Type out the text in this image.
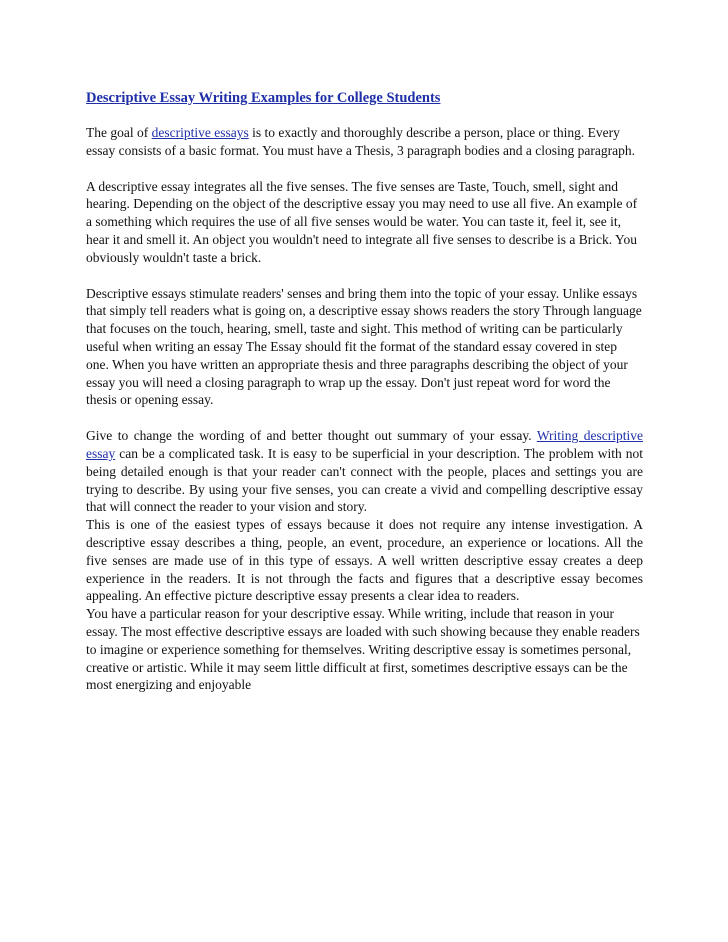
Descriptive Essay Writing Examples for College Students

The goal of descriptive essays is to exactly and thoroughly describe a person, place or thing. Every essay consists of a basic format. You must have a Thesis, 3 paragraph bodies and a closing paragraph.

A descriptive essay integrates all the five senses. The five senses are Taste, Touch, smell, sight and hearing. Depending on the object of the descriptive essay you may need to use all five. An example of a something which requires the use of all five senses would be water. You can taste it, feel it, see it, hear it and smell it. An object you wouldn't need to integrate all five senses to describe is a Brick. You obviously wouldn't taste a brick.

Descriptive essays stimulate readers' senses and bring them into the topic of your essay. Unlike essays that simply tell readers what is going on, a descriptive essay shows readers the story Through language that focuses on the touch, hearing, smell, taste and sight. This method of writing can be particularly useful when writing an essay The Essay should fit the format of the standard essay covered in step one. When you have written an appropriate thesis and three paragraphs describing the object of your essay you will need a closing paragraph to wrap up the essay. Don't just repeat word for word the thesis or opening essay.

Give to change the wording of and better thought out summary of your essay. Writing descriptive essay can be a complicated task. It is easy to be superficial in your description. The problem with not being detailed enough is that your reader can't connect with the people, places and settings you are trying to describe. By using your five senses, you can create a vivid and compelling descriptive essay that will connect the reader to your vision and story.

This is one of the easiest types of essays because it does not require any intense investigation. A descriptive essay describes a thing, people, an event, procedure, an experience or locations. All the five senses are made use of in this type of essays. A well written descriptive essay creates a deep experience in the readers. It is not through the facts and figures that a descriptive essay becomes appealing. An effective picture descriptive essay presents a clear idea to readers.

You have a particular reason for your descriptive essay. While writing, include that reason in your essay. The most effective descriptive essays are loaded with such showing because they enable readers to imagine or experience something for themselves. Writing descriptive essay is sometimes personal, creative or artistic. While it may seem little difficult at first, sometimes descriptive essays can be the most energizing and enjoyable
